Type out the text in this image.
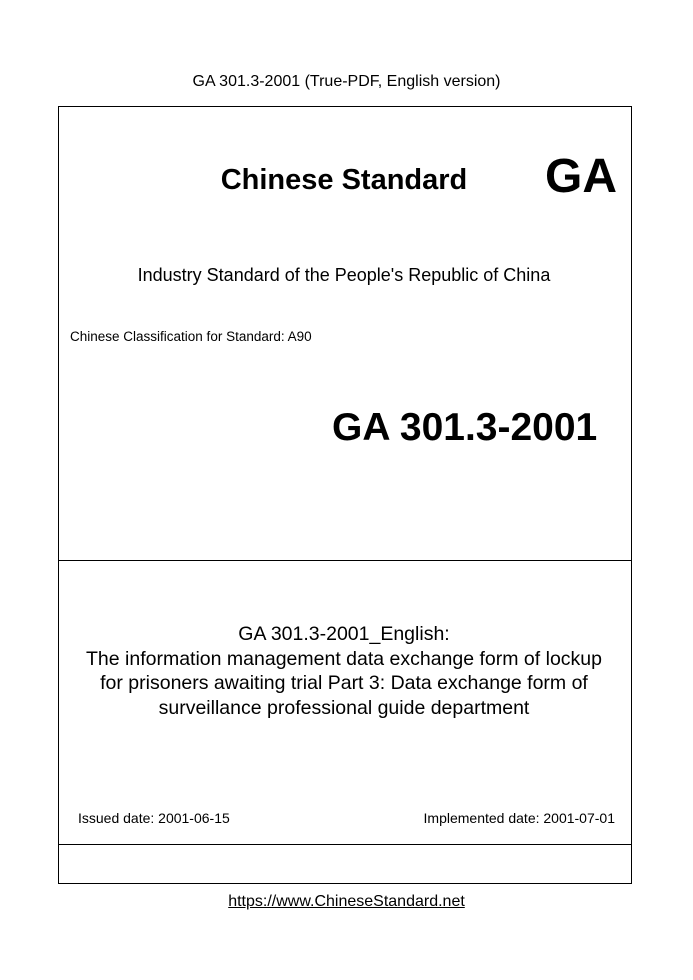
GA 301.3-2001 (True-PDF, English version)
Chinese Standard	GA
Industry Standard of the People's Republic of China
Chinese Classification for Standard: A90
GA 301.3-2001
GA 301.3-2001_English:
The information management data exchange form of lockup
for prisoners awaiting trial Part 3: Data exchange form of
surveillance professional guide department
Issued date: 2001-06-15	Implemented date: 2001-07-01
https://www.ChineseStandard.net
